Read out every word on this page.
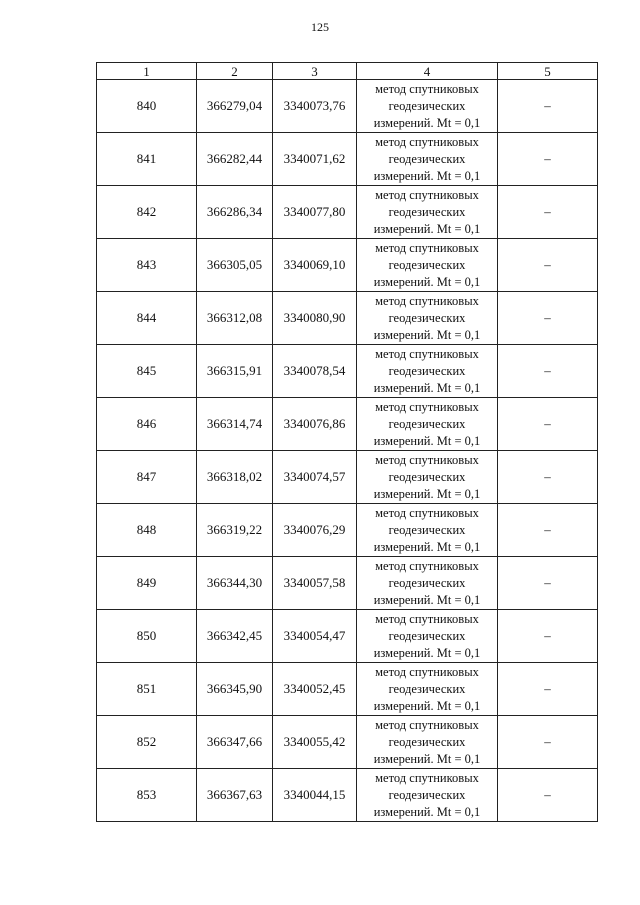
125
1	2	3	4	5
840	366279,04	3340073,76	метод спутниковых
геодезических
измерений. Mt = 0,1	–
841	366282,44	3340071,62	метод спутниковых
геодезических
измерений. Mt = 0,1	–
842	366286,34	3340077,80	метод спутниковых
геодезических
измерений. Mt = 0,1	–
843	366305,05	3340069,10	метод спутниковых
геодезических
измерений. Mt = 0,1	–
844	366312,08	3340080,90	метод спутниковых
геодезических
измерений. Mt = 0,1	–
845	366315,91	3340078,54	метод спутниковых
геодезических
измерений. Mt = 0,1	–
846	366314,74	3340076,86	метод спутниковых
геодезических
измерений. Mt = 0,1	–
847	366318,02	3340074,57	метод спутниковых
геодезических
измерений. Mt = 0,1	–
848	366319,22	3340076,29	метод спутниковых
геодезических
измерений. Mt = 0,1	–
849	366344,30	3340057,58	метод спутниковых
геодезических
измерений. Mt = 0,1	–
850	366342,45	3340054,47	метод спутниковых
геодезических
измерений. Mt = 0,1	–
851	366345,90	3340052,45	метод спутниковых
геодезических
измерений. Mt = 0,1	–
852	366347,66	3340055,42	метод спутниковых
геодезических
измерений. Mt = 0,1	–
853	366367,63	3340044,15	метод спутниковых
геодезических
измерений. Mt = 0,1	–
